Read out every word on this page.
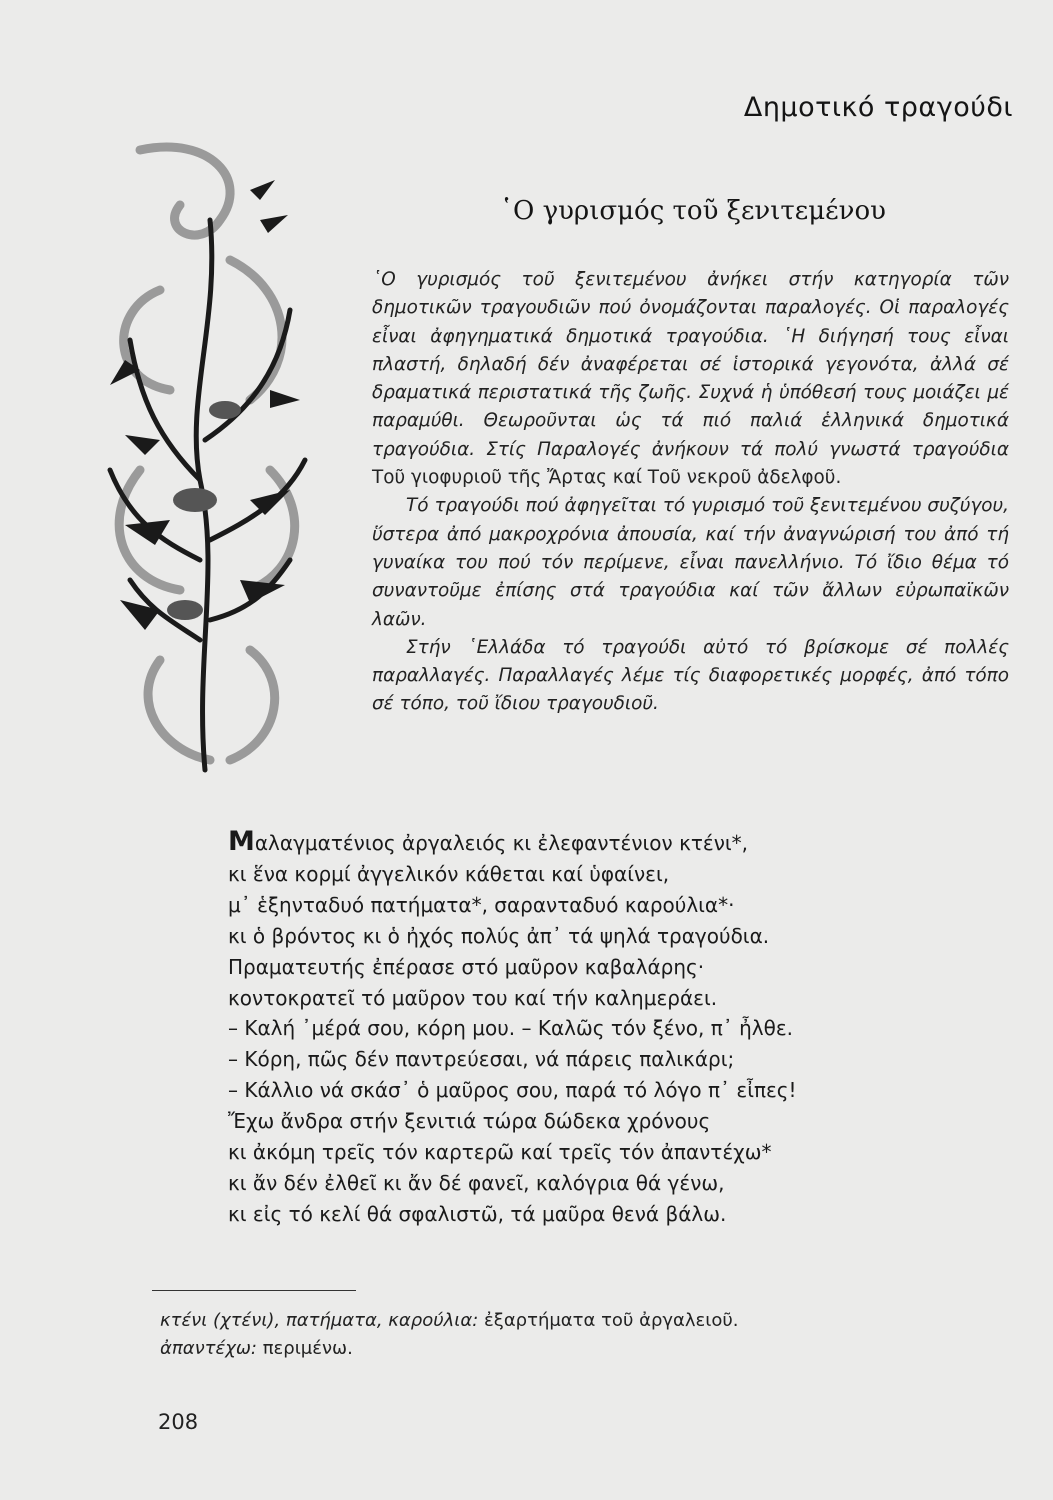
Δημοτικό τραγούδι
῾Ο γυρισμός τοῦ ξενιτεμένου

῾Ο γυρισμός τοῦ ξενιτεμένου ἀνήκει στήν κατηγορία τῶν δημοτικῶν τραγουδιῶν πού ὀνομάζονται παραλογές. Οἱ παραλογές εἶναι ἀφηγηματικά δημοτικά τραγούδια. ῾Η διήγησή τους εἶναι πλαστή, δηλαδή δέν ἀναφέρεται σέ ἱστορικά γεγονότα, ἀλλά σέ δραματικά περιστατικά τῆς ζωῆς. Συχνά ἡ ὑπόθεσή τους μοιάζει μέ παραμύθι. Θεωροῦνται ὡς τά πιό παλιά ἑλληνικά δημοτικά τραγούδια. Στίς Παραλογές ἀνήκουν τά πολύ γνωστά τραγούδια Τοῦ γιοφυριοῦ τῆς Ἄρτας καί Τοῦ νεκροῦ ἀδελφοῦ.

Τό τραγούδι πού ἀφηγεῖται τό γυρισμό τοῦ ξενιτεμένου συζύγου, ὕστερα ἀπό μακροχρόνια ἀπουσία, καί τήν ἀναγνώρισή του ἀπό τή γυναίκα του πού τόν περίμενε, εἶναι πανελλήνιο. Τό ἴδιο θέμα τό συναντοῦμε ἐπίσης στά τραγούδια καί τῶν ἄλλων εὐρωπαϊκῶν λαῶν.

Στήν ῾Ελλάδα τό τραγούδι αὐτό τό βρίσκομε σέ πολλές παραλλαγές. Παραλλαγές λέμε τίς διαφορετικές μορφές, ἀπό τόπο σέ τόπο, τοῦ ἴδιου τραγουδιοῦ.

Μαλαγματένιος ἀργαλειός κι ἐλεφαντένιον κτένι*,
κι ἕνα κορμί ἀγγελικόν κάθεται καί ὑφαίνει,
μ᾽ ἑξηνταδυό πατήματα*, σαρανταδυό καρούλια*·
κι ὁ βρόντος κι ὁ ἠχός πολύς ἀπ᾽ τά ψηλά τραγούδια.
Πραματευτής ἐπέρασε στό μαῦρον καβαλάρης·
κοντοκρατεῖ τό μαῦρον του καί τήν καλημεράει.
– Καλή ᾽μέρά σου, κόρη μου. – Καλῶς τόν ξένο, π᾽ ἦλθε.
– Κόρη, πῶς δέν παντρεύεσαι, νά πάρεις παλικάρι;
– Κάλλιο νά σκάσ᾽ ὁ μαῦρος σου, παρά τό λόγο π᾽ εἶπες!
Ἔχω ἄνδρα στήν ξενιτιά τώρα δώδεκα χρόνους
κι ἀκόμη τρεῖς τόν καρτερῶ καί τρεῖς τόν ἀπαντέχω*
κι ἄν δέν ἐλθεῖ κι ἄν δέ φανεῖ, καλόγρια θά γένω,
κι εἰς τό κελί θά σφαλιστῶ, τά μαῦρα θενά βάλω.
κτένι (χτένι), πατήματα, καρούλια: ἐξαρτήματα τοῦ ἀργαλειοῦ.
ἀπαντέχω: περιμένω.
208
